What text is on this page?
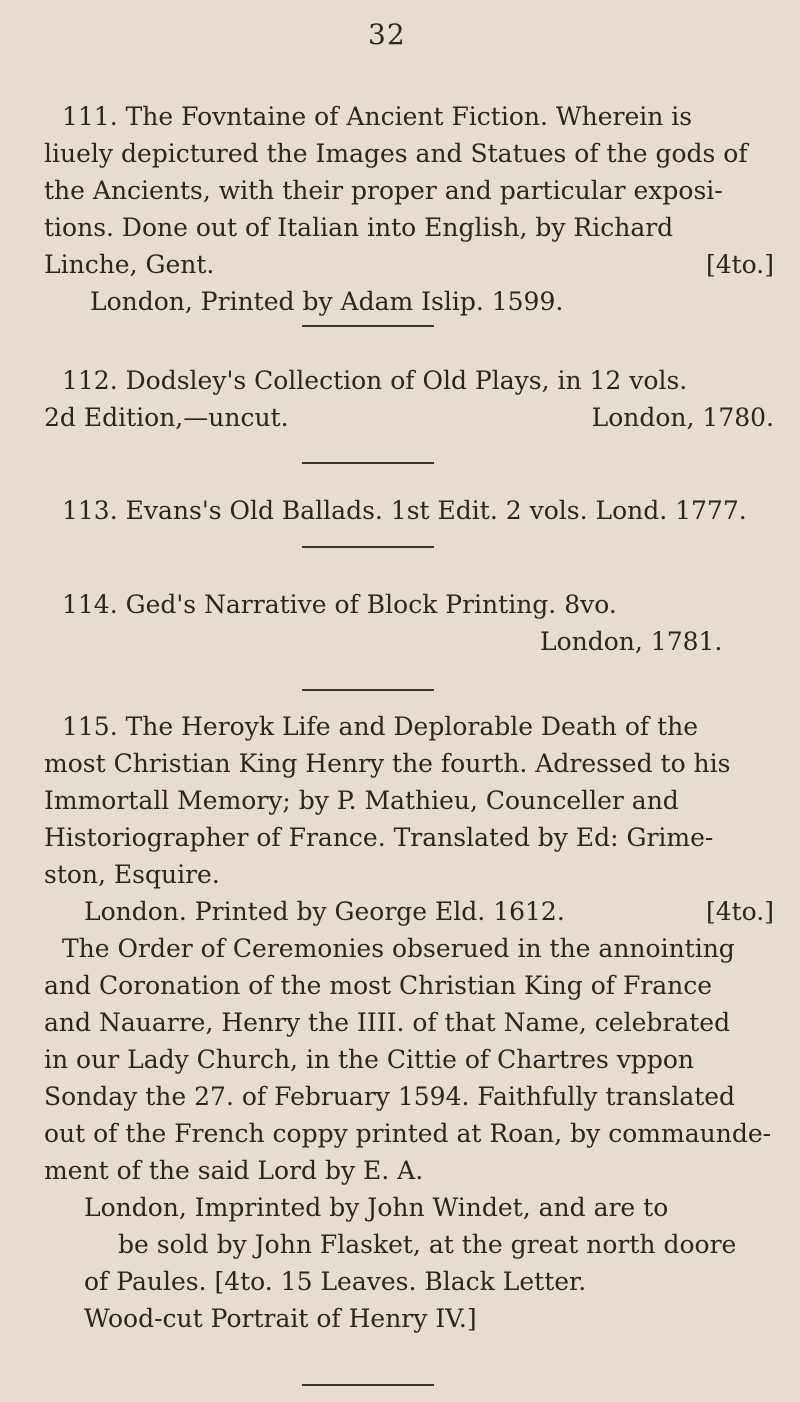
32
111. The Fovntaine of Ancient Fiction. Wherein is
liuely depictured the Images and Statues of the gods of
the Ancients, with their proper and particular exposi-
tions. Done out of Italian into English, by Richard
Linche, Gent.	[4to.]
London, Printed by Adam Islip. 1599.
112. Dodsley's Collection of Old Plays, in 12 vols.
2d Edition,—uncut.	London, 1780.
113. Evans's Old Ballads. 1st Edit. 2 vols. Lond. 1777.
114. Ged's Narrative of Block Printing. 8vo.
London, 1781.
115. The Heroyk Life and Deplorable Death of the
most Christian King Henry the fourth. Adressed to his
Immortall Memory; by P. Mathieu, Counceller and
Historiographer of France. Translated by Ed: Grime-
ston, Esquire.
London. Printed by George Eld. 1612.	[4to.]
The Order of Ceremonies obserued in the annointing
and Coronation of the most Christian King of France
and Nauarre, Henry the IIII. of that Name, celebrated
in our Lady Church, in the Cittie of Chartres vppon
Sonday the 27. of February 1594. Faithfully translated
out of the French coppy printed at Roan, by commaunde-
ment of the said Lord by E. A.
London, Imprinted by John Windet, and are to
be sold by John Flasket, at the great north doore
of Paules. [4to. 15 Leaves. Black Letter.
Wood-cut Portrait of Henry IV.]
